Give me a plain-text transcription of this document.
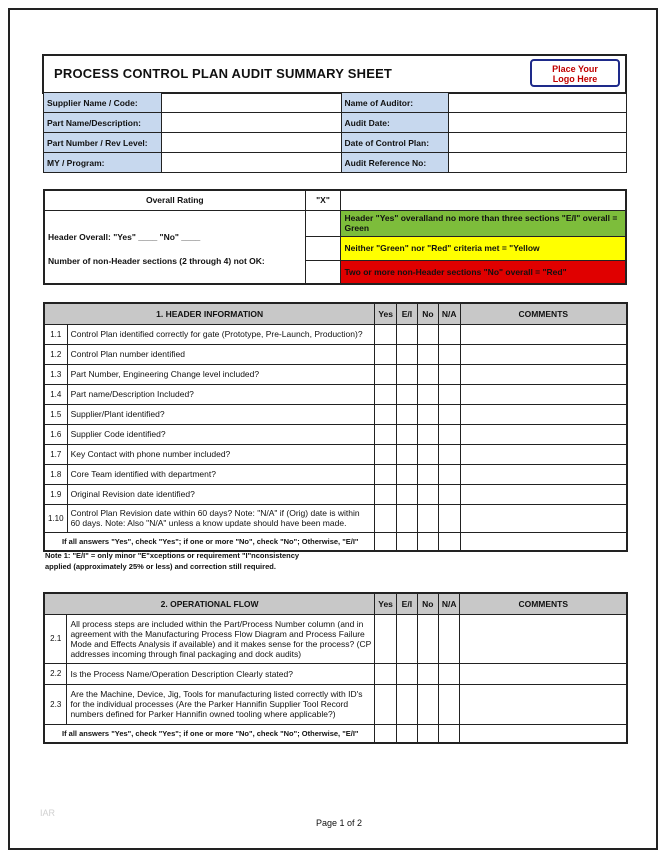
PROCESS CONTROL PLAN AUDIT SUMMARY SHEET	Place Your
Logo Here
Supplier Name / Code:		Name of Auditor:	
Part Name/Description:		Audit Date:	
Part Number / Rev Level:		Date of Control Plan:	
MY / Program:		Audit Reference No:	
Overall Rating	"X"	

Header Overall: "Yes" ____ "No" ____
Number of non-Header sections (2 through 4) not OK:		Header "Yes" overalland no more than three sections "E/I" overall = Green
		Neither "Green" nor "Red" criteria met = "Yellow
		Two or more non-Header sections "No" overall = "Red"
1. HEADER INFORMATION		Yes	E/I	No	N/A	COMMENTS
1.1	Control Plan identified correctly for gate (Prototype, Pre-Launch, Production)?					
1.2	Control Plan number identified					
1.3	Part Number, Engineering Change level included?					
1.4	Part name/Description Included?					
1.5	Supplier/Plant identified?					
1.6	Supplier Code identified?					
1.7	Key Contact with phone number included?					
1.8	Core Team identified with department?					
1.9	Original Revision date identified?					
1.10	Control Plan Revision date within 60 days? Note: "N/A" if (Orig) date is within 60 days. Note: Also "N/A" unless a know update should have been made.					
If all answers "Yes", check "Yes"; if one or more "No", check "No"; Otherwise, "E/I"						
Note 1: "E/I" = only minor "E"xceptions or requirement "I"nconsistency applied (approximately 25% or less) and correction still required.
2. OPERATIONAL FLOW		Yes	E/I	No	N/A	COMMENTS
2.1	All process steps are included within the Part/Process Number column (and in agreement with the Manufacturing Process Flow Diagram and Process Failure Mode and Effects Analysis if available) and it makes sense for the process? (CP addresses incoming through final packaging and dock audits)					
2.2	Is the Process Name/Operation Description Clearly stated?					
2.3	Are the Machine, Device, Jig, Tools for manufacturing listed correctly with ID's for the individual processes (Are the Parker Hannifin Supplier Tool Record numbers defined for Parker Hannifin owned tooling where applicable?)					
If all answers "Yes", check "Yes"; if one or more "No", check "No"; Otherwise, "E/I"						
IAR
Page 1 of 2
